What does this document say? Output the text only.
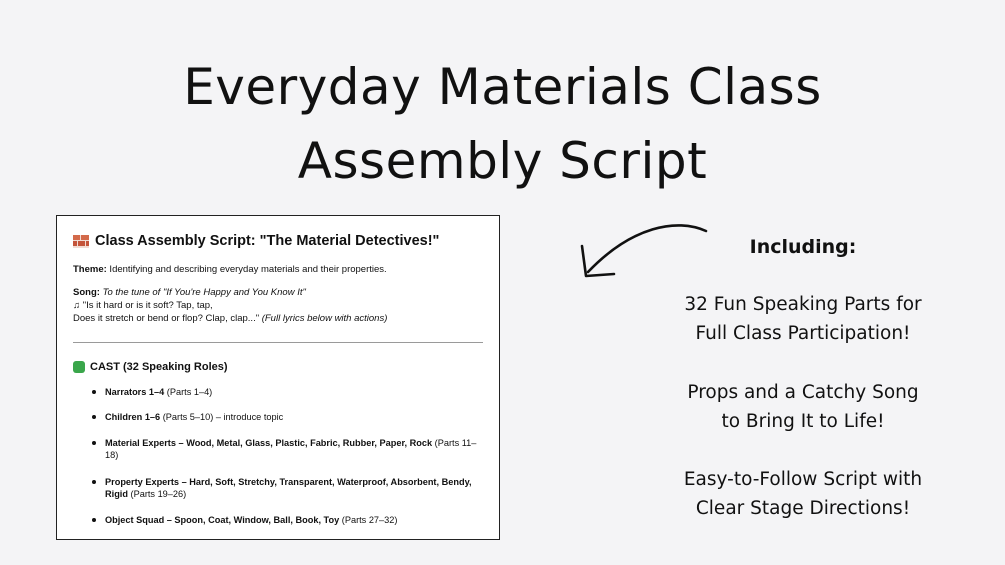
Everyday Materials Class
Assembly Script
Class Assembly Script: "The Material Detectives!"
Theme: Identifying and describing everyday materials and their properties.
Song: To the tune of "If You're Happy and You Know It"
♫ "Is it hard or is it soft? Tap, tap,
Does it stretch or bend or flop? Clap, clap..." (Full lyrics below with actions)
CAST (32 Speaking Roles)
Narrators 1–4 (Parts 1–4)
Children 1–6 (Parts 5–10) – introduce topic
Material Experts – Wood, Metal, Glass, Plastic, Fabric, Rubber, Paper, Rock (Parts 11–18)
Property Experts – Hard, Soft, Stretchy, Transparent, Waterproof, Absorbent, Bendy, Rigid (Parts 19–26)
Object Squad – Spoon, Coat, Window, Ball, Book, Toy (Parts 27–32)
Including:
32 Fun Speaking Parts for
Full Class Participation!
Props and a Catchy Song
to Bring It to Life!
Easy-to-Follow Script with
Clear Stage Directions!
